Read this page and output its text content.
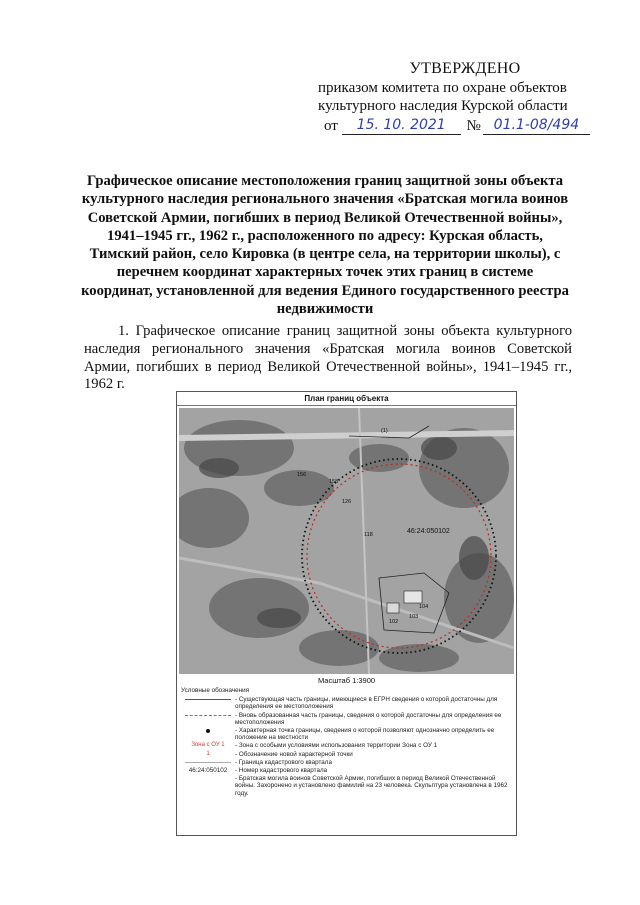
УТВЕРЖДЕНО
приказом комитета по охране объектов
культурного наследия Курской области
от	15. 10. 2021	№ 01.1-08/494
Графическое описание местоположения границ защитной зоны объекта культурного наследия регионального значения «Братская могила воинов Советской Армии, погибших в период Великой Отечественной войны», 1941–1945 гг., 1962 г., расположенного по адресу: Курская область, Тимский район, село Кировка (в центре села, на территории школы), с перечнем координат характерных точек этих границ в системе координат, установленной для ведения Единого государственного реестра недвижимости
1. Графическое описание границ защитной зоны объекта культурного наследия регионального значения «Братская могила воинов Советской Армии, погибших в период Великой Отечественной войны», 1941–1945 гг., 1962 г.
План границ объекта
46:24:050102
102
103
104
(1)
118
158
156
126
Масштаб 1:3900
Условные обозначения
- Существующая часть границы, имеющиеся в ЕГРН сведения о которой достаточны для определения ее местоположения
- Вновь образованная часть границы, сведения о которой достаточны для определения ее местоположения
- Характерная точка границы, сведения о которой позволяют однозначно определить ее положение на местности
Зона с ОУ 1	- Зона с особыми условиями использования территории Зона с ОУ 1
1	- Обозначение новой характерной точки
- Граница кадастрового квартала
46:24:050102	- Номер кадастрового квартала
- Братская могила воинов Советской Армии, погибших в период Великой Отечественной войны. Захоронено и установлено фамилий на 23 человека. Скульптура установлена в 1962 году.
